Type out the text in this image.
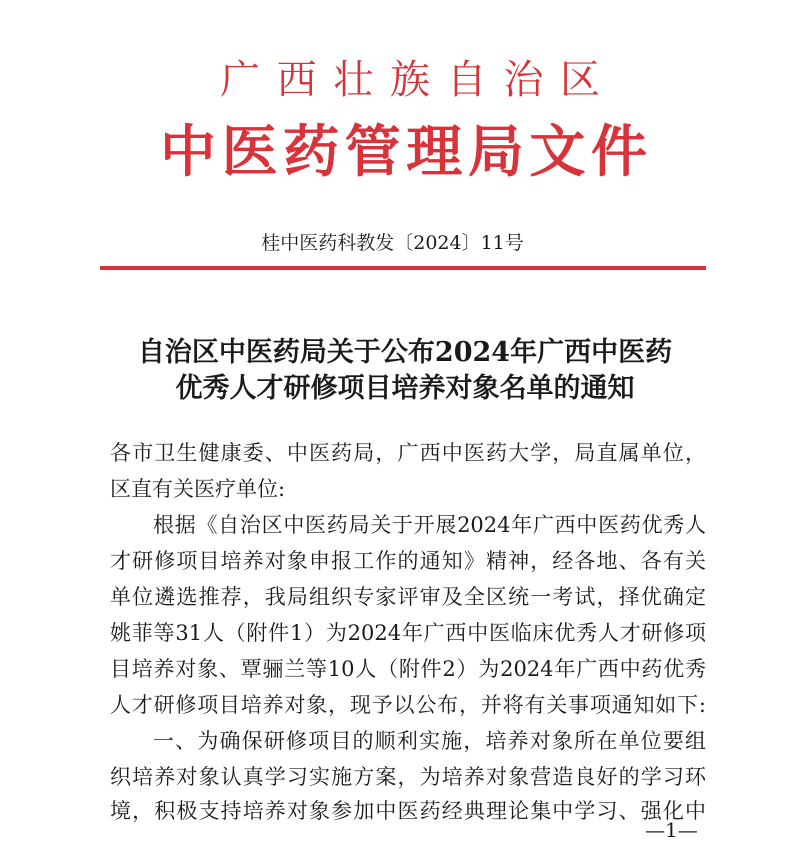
广西壮族自治区
中医药管理局文件
桂中医药科教发〔2024〕11号
自治区中医药局关于公布2024年广西中医药
优秀人才研修项目培养对象名单的通知
各市卫生健康委、中医药局，广西中医药大学，局直属单位，
区直有关医疗单位:
根据《自治区中医药局关于开展2024年广西中医药优秀人
才研修项目培养对象申报工作的通知》精神，经各地、各有关
单位遴选推荐，我局组织专家评审及全区统一考试，择优确定
姚菲等31人（附件1）为2024年广西中医临床优秀人才研修项
目培养对象、覃骊兰等10人（附件2）为2024年广西中药优秀
人才研修项目培养对象，现予以公布，并将有关事项通知如下:
一、为确保研修项目的顺利实施，培养对象所在单位要组
织培养对象认真学习实施方案，为培养对象营造良好的学习环
境，积极支持培养对象参加中医药经典理论集中学习、强化中
—1—
